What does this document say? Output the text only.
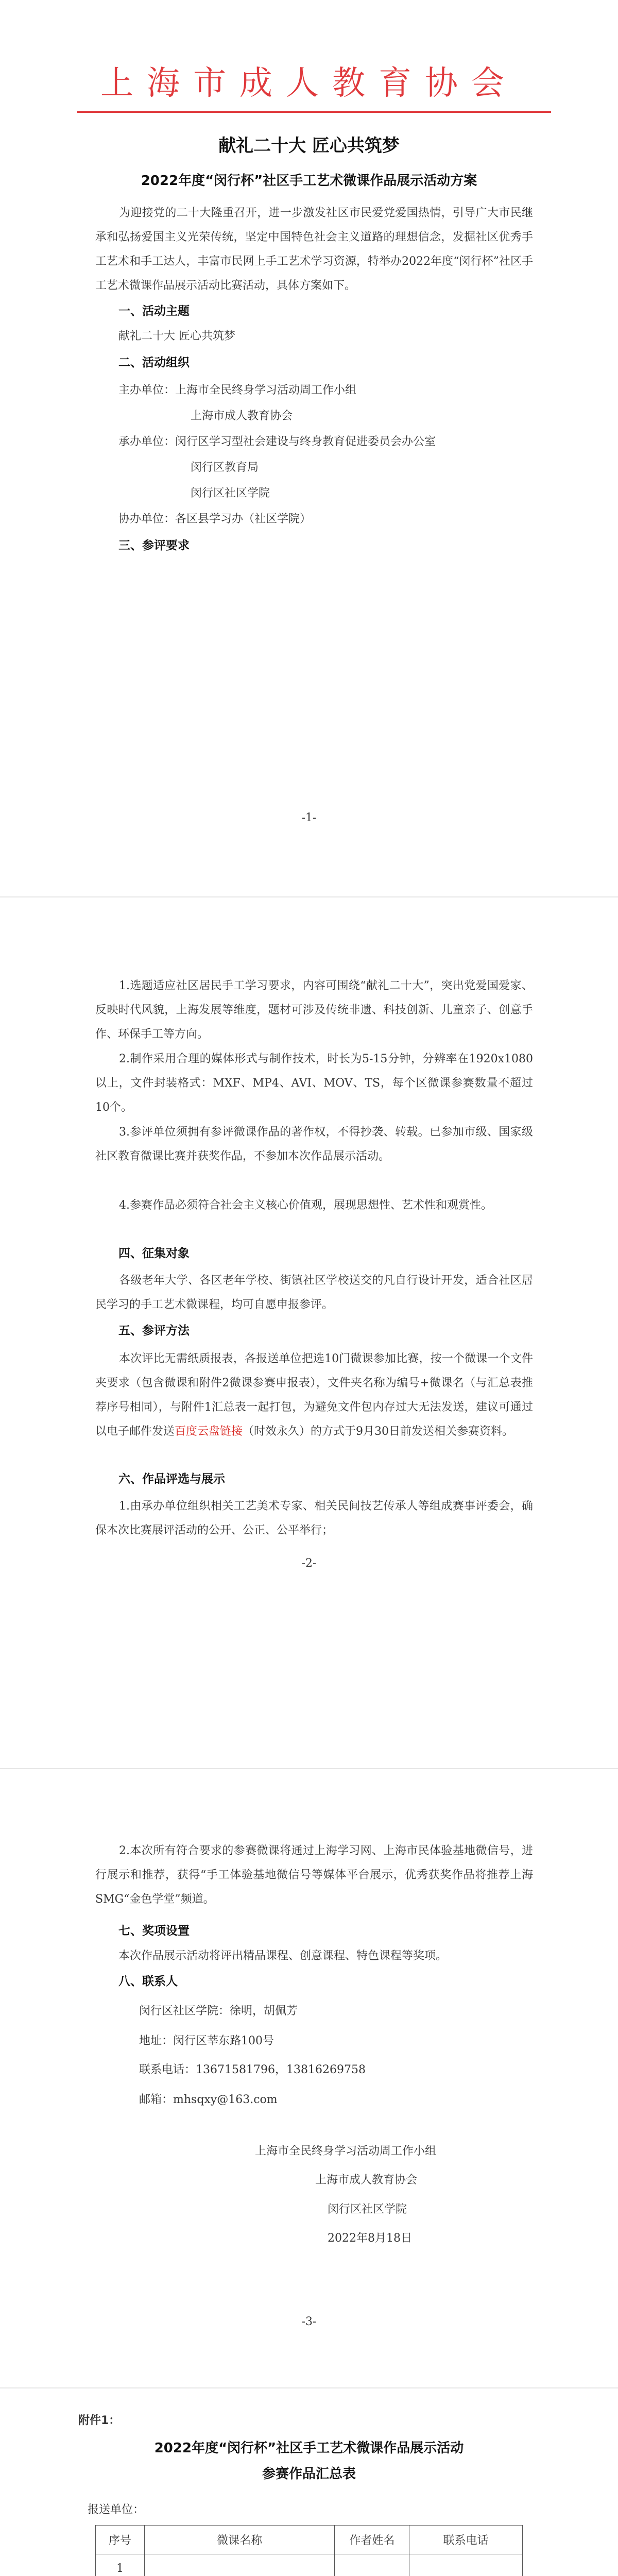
上海市成人教育协会
献礼二十大 匠心共筑梦
2022年度“闵行杯”社区手工艺术微课作品展示活动方案
为迎接党的二十大隆重召开，进一步激发社区市民爱党爱国热情，引导广大市民继承和弘扬爱国主义光荣传统，坚定中国特色社会主义道路的理想信念，发掘社区优秀手工艺术和手工达人，丰富市民网上手工艺术学习资源，特举办2022年度“闵行杯”社区手工艺术微课作品展示活动比赛活动，具体方案如下。
一、活动主题
献礼二十大 匠心共筑梦
二、活动组织
主办单位：上海市全民终身学习活动周工作小组
上海市成人教育协会
承办单位：闵行区学习型社会建设与终身教育促进委员会办公室
闵行区教育局
闵行区社区学院
协办单位：各区县学习办（社区学院）
三、参评要求
-1-
1.选题适应社区居民手工学习要求，内容可围绕“献礼二十大”，突出党爱国爱家、反映时代风貌，上海发展等维度，题材可涉及传统非遗、科技创新、儿童亲子、创意手作、环保手工等方向。
2.制作采用合理的媒体形式与制作技术，时长为5-15分钟，分辨率在1920x1080以上，文件封装格式：MXF、MP4、AVI、MOV、TS，每个区微课参赛数量不超过10个。
3.参评单位须拥有参评微课作品的著作权，不得抄袭、转载。已参加市级、国家级社区教育微课比赛并获奖作品，不参加本次作品展示活动。
4.参赛作品必须符合社会主义核心价值观，展现思想性、艺术性和观赏性。
四、征集对象
各级老年大学、各区老年学校、街镇社区学校送交的凡自行设计开发，适合社区居民学习的手工艺术微课程，均可自愿申报参评。
五、参评方法
本次评比无需纸质报表，各报送单位把选10门微课参加比赛，按一个微课一个文件夹要求（包含微课和附件2微课参赛申报表），文件夹名称为编号+微课名（与汇总表推荐序号相同），与附件1汇总表一起打包，为避免文件包内存过大无法发送，建议可通过以电子邮件发送百度云盘链接（时效永久）的方式于9月30日前发送相关参赛资料。
六、作品评选与展示
1.由承办单位组织相关工艺美术专家、相关民间技艺传承人等组成赛事评委会，确保本次比赛展评活动的公开、公正、公平举行；
-2-
2.本次所有符合要求的参赛微课将通过上海学习网、上海市民体验基地微信号，进行展示和推荐，获得“手工体验基地微信号等媒体平台展示，优秀获奖作品将推荐上海SMG“金色学堂”频道。
七、奖项设置
本次作品展示活动将评出精品课程、创意课程、特色课程等奖项。
八、联系人
闵行区社区学院：徐明，胡佩芳
地址：闵行区莘东路100号
联系电话：13671581796，13816269758
邮箱：mhsqxy@163.com
上海市全民终身学习活动周工作小组
上海市成人教育协会
闵行区社区学院
2022年8月18日
-3-
附件1：
2022年度“闵行杯”社区手工艺术微课作品展示活动
参赛作品汇总表
报送单位：
序号	微课名称	作者姓名	联系电话
1			
